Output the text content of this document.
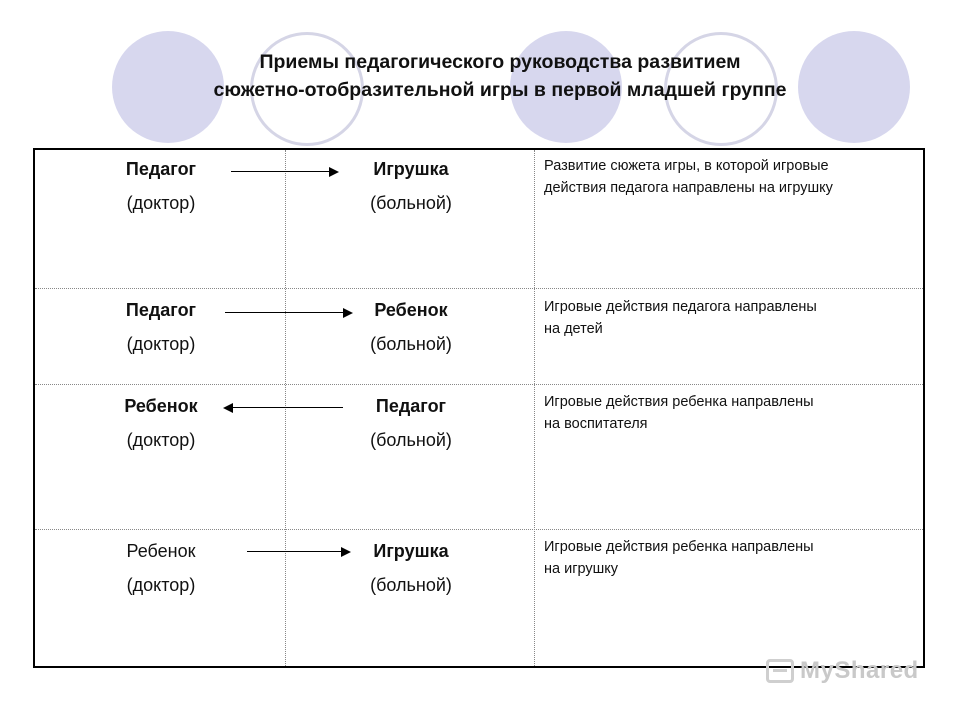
Приемы педагогического руководства развитием
сюжетно-отобразительной игры в первой младшей группе
Педагог
(доктор)
Игрушка
(больной)
Развитие сюжета игры, в которой игровые
действия педагога направлены на игрушку
Педагог
(доктор)
Ребенок
(больной)
Игровые действия педагога направлены
на детей
Ребенок
(доктор)
Педагог
(больной)
Игровые действия ребенка направлены
на воспитателя
Ребенок
(доктор)
Игрушка
(больной)
Игровые действия ребенка направлены
на игрушку
MyShared
